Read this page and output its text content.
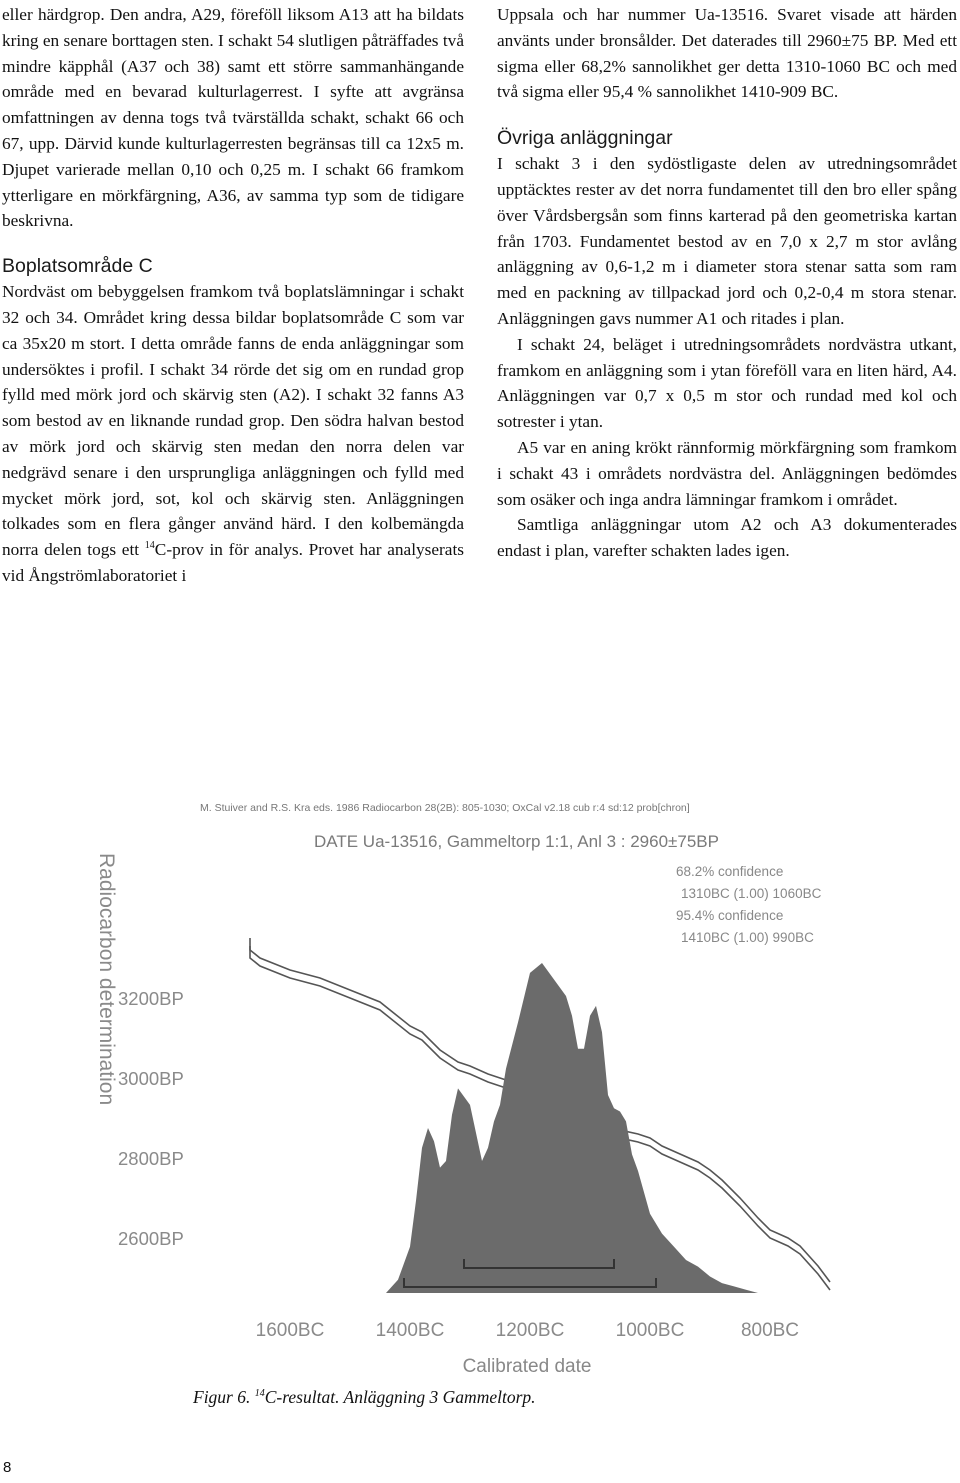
eller härdgrop. Den andra, A29, föreföll liksom A13 att ha bildats kring en senare borttagen sten. I schakt 54 slutligen påträffades två mindre käpphål (A37 och 38) samt ett större sammanhängande område med en bevarad kulturlagerrest. I syfte att avgränsa omfattningen av denna togs två tvärställda schakt, schakt 66 och 67, upp. Därvid kunde kulturlagerresten begränsas till ca 12x5 m. Djupet varierade mellan 0,10 och 0,25 m. I schakt 66 framkom ytterligare en mörkfärgning, A36, av samma typ som de tidigare beskrivna.

Boplatsområde C

Nordväst om bebyggelsen framkom två boplatslämningar i schakt 32 och 34. Området kring dessa bildar boplatsområde C som var ca 35x20 m stort. I detta område fanns de enda anläggningar som undersöktes i profil. I schakt 34 rörde det sig om en rundad grop fylld med mörk jord och skärvig sten (A2). I schakt 32 fanns A3 som bestod av en liknande rundad grop. Den södra halvan bestod av mörk jord och skärvig sten medan den norra delen var nedgrävd senare i den ursprungliga anläggningen och fylld med mycket mörk jord, sot, kol och skärvig sten. Anläggningen tolkades som en flera gånger använd härd. I den kolbemängda norra delen togs ett $^{14}$C-prov in för analys. Provet har analyserats vid Ångströmlaboratoriet i

Uppsala och har nummer Ua-13516. Svaret visade att härden använts under bronsålder. Det daterades till 2960±75 BP. Med ett sigma eller 68,2% sannolikhet ger detta 1310-1060 BC och med två sigma eller 95,4 % sannolikhet 1410-909 BC.

Övriga anläggningar

I schakt 3 i den sydöstligaste delen av utredningsområdet upptäcktes rester av det norra fundamentet till den bro eller spång över Vårdsbergsån som finns karterad på den geometriska kartan från 1703. Fundamentet bestod av en 7,0 x 2,7 m stor avlång anläggning av 0,6-1,2 m i diameter stora stenar satta som ram med en packning av tillpackad jord och 0,2-0,4 m stora stenar. Anläggningen gavs nummer A1 och ritades i plan.

I schakt 24, beläget i utredningsområdets nordvästra utkant, framkom en anläggning som i ytan föreföll vara en liten härd, A4. Anläggningen var 0,7 x 0,5 m stor och rundad med kol och sotrester i ytan.

A5 var en aning krökt rännformig mörkfärgning som framkom i schakt 43 i områdets nordvästra del. Anläggningen bedömdes som osäker och inga andra lämningar framkom i området.

Samtliga anläggningar utom A2 och A3 dokumenterades endast i plan, varefter schakten lades igen.

M. Stuiver and R.S. Kra eds. 1986 Radiocarbon 28(2B): 805-1030; OxCal v2.18 cub r:4 sd:12 prob[chron]
DATE Ua-13516, Gammeltorp 1:1, Anl 3 : 2960±75BP
68.2% confidence
1310BC (1.00) 1060BC
95.4% confidence
1410BC (1.00) 990BC
Radiocarbon determination
Calibrated date
3200BP
3000BP
2800BP
2600BP
1600BC	1400BC	1200BC	1000BC	800BC

Figur 6. $^{14}$C-resultat. Anläggning 3 Gammeltorp.

8
